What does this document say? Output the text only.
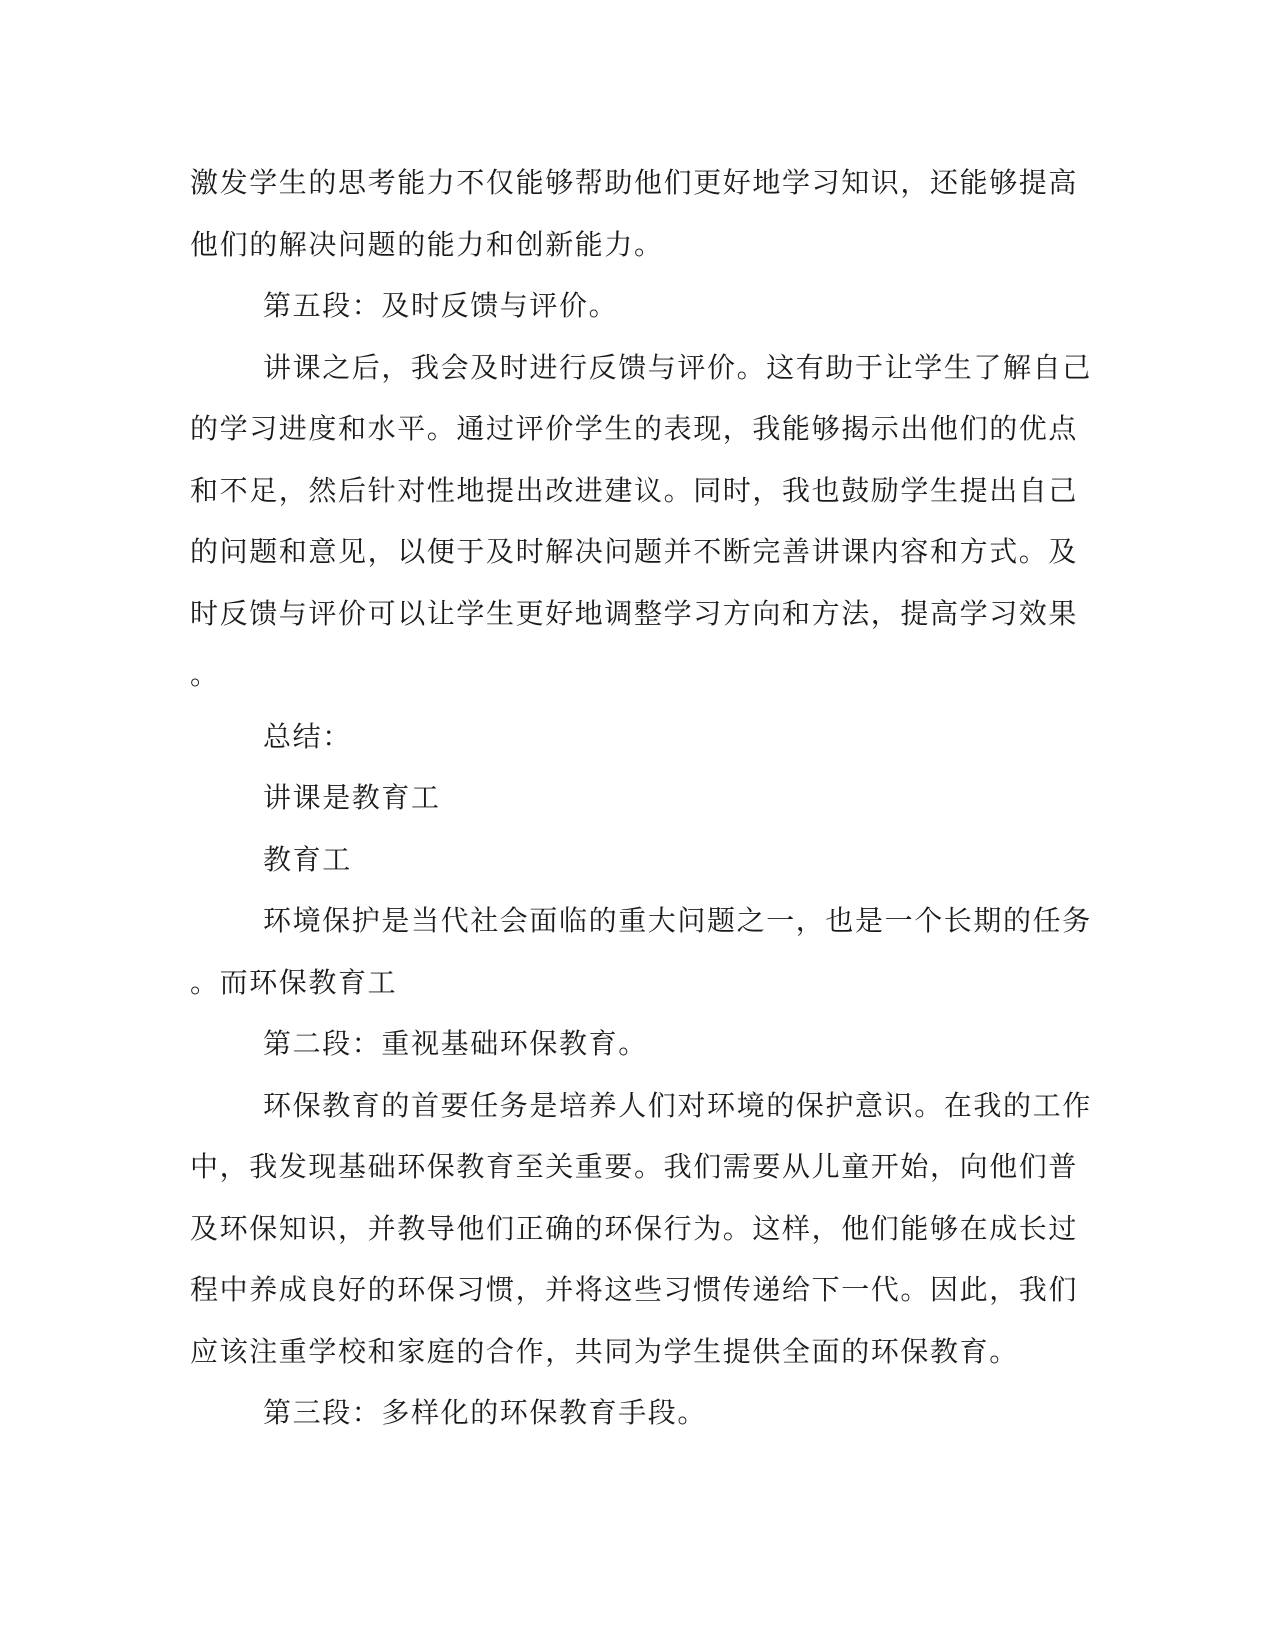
激发学生的思考能力不仅能够帮助他们更好地学习知识，还能够提高
他们的解决问题的能力和创新能力。
第五段：及时反馈与评价。
讲课之后，我会及时进行反馈与评价。这有助于让学生了解自己
的学习进度和水平。通过评价学生的表现，我能够揭示出他们的优点
和不足，然后针对性地提出改进建议。同时，我也鼓励学生提出自己
的问题和意见，以便于及时解决问题并不断完善讲课内容和方式。及
时反馈与评价可以让学生更好地调整学习方向和方法，提高学习效果
。
总结：
讲课是教育工
教育工
环境保护是当代社会面临的重大问题之一，也是一个长期的任务
。而环保教育工
第二段：重视基础环保教育。
环保教育的首要任务是培养人们对环境的保护意识。在我的工作
中，我发现基础环保教育至关重要。我们需要从儿童开始，向他们普
及环保知识，并教导他们正确的环保行为。这样，他们能够在成长过
程中养成良好的环保习惯，并将这些习惯传递给下一代。因此，我们
应该注重学校和家庭的合作，共同为学生提供全面的环保教育。
第三段：多样化的环保教育手段。
